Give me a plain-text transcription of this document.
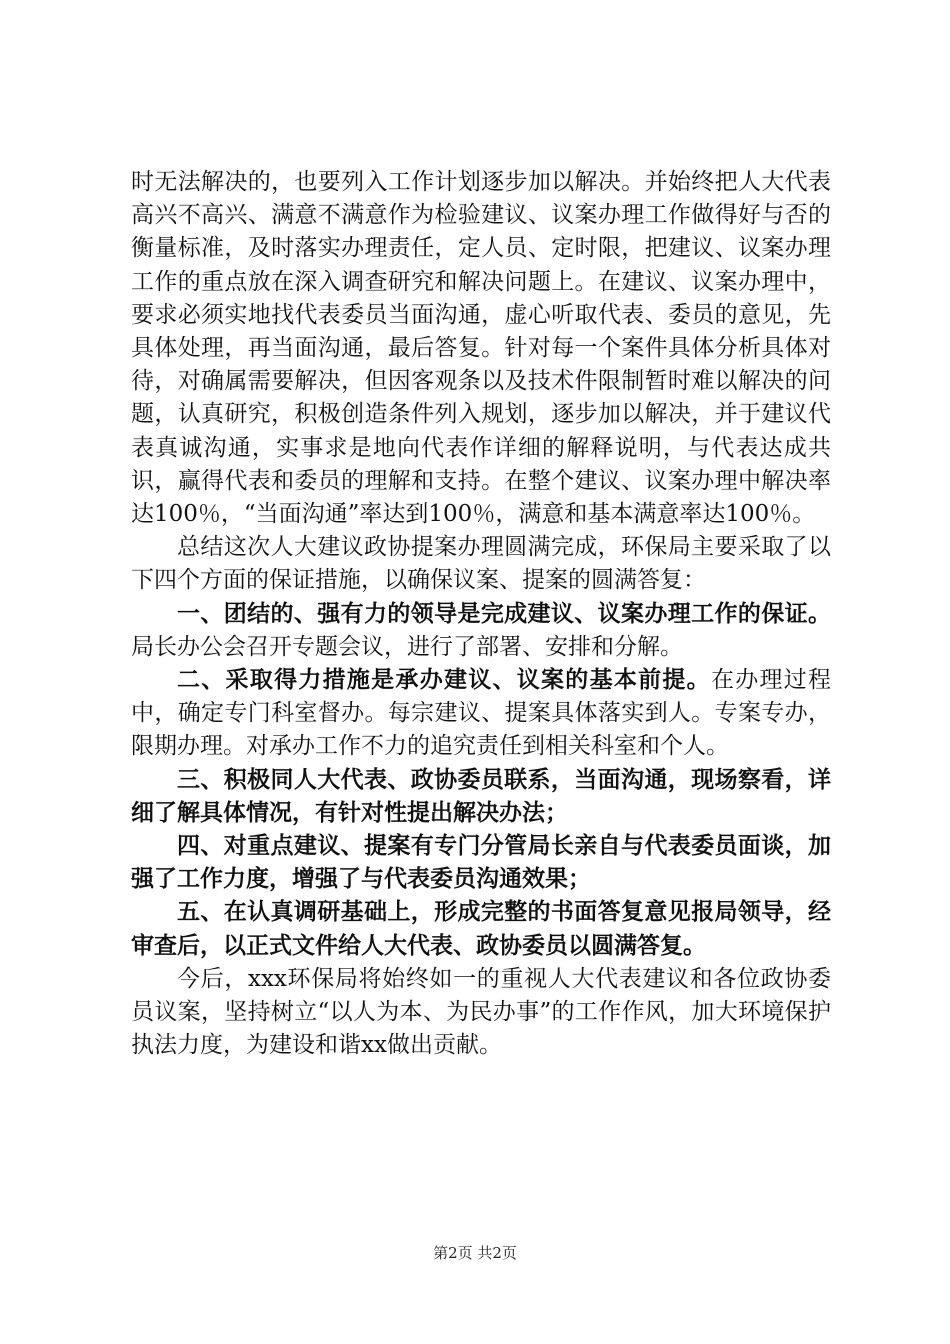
时无法解决的，也要列入工作计划逐步加以解决。并始终把人大代表高兴不高兴、满意不满意作为检验建议、议案办理工作做得好与否的衡量标准，及时落实办理责任，定人员、定时限，把建议、议案办理工作的重点放在深入调查研究和解决问题上。在建议、议案办理中，要求必须实地找代表委员当面沟通，虚心听取代表、委员的意见，先具体处理，再当面沟通，最后答复。针对每一个案件具体分析具体对待，对确属需要解决，但因客观条以及技术件限制暂时难以解决的问题，认真研究，积极创造条件列入规划，逐步加以解决，并于建议代表真诚沟通，实事求是地向代表作详细的解释说明，与代表达成共识，赢得代表和委员的理解和支持。在整个建议、议案办理中解决率达100％，“当面沟通”率达到100％，满意和基本满意率达100％。

总结这次人大建议政协提案办理圆满完成，环保局主要采取了以下四个方面的保证措施，以确保议案、提案的圆满答复：

一、团结的、强有力的领导是完成建议、议案办理工作的保证。局长办公会召开专题会议，进行了部署、安排和分解。

二、采取得力措施是承办建议、议案的基本前提。在办理过程中，确定专门科室督办。每宗建议、提案具体落实到人。专案专办，限期办理。对承办工作不力的追究责任到相关科室和个人。

三、积极同人大代表、政协委员联系，当面沟通，现场察看，详细了解具体情况，有针对性提出解决办法；

四、对重点建议、提案有专门分管局长亲自与代表委员面谈，加强了工作力度，增强了与代表委员沟通效果；

五、在认真调研基础上，形成完整的书面答复意见报局领导，经审查后，以正式文件给人大代表、政协委员以圆满答复。

今后，xxx环保局将始终如一的重视人大代表建议和各位政协委员议案，坚持树立“以人为本、为民办事”的工作作风，加大环境保护执法力度，为建设和谐xx做出贡献。

第2页 共2页
